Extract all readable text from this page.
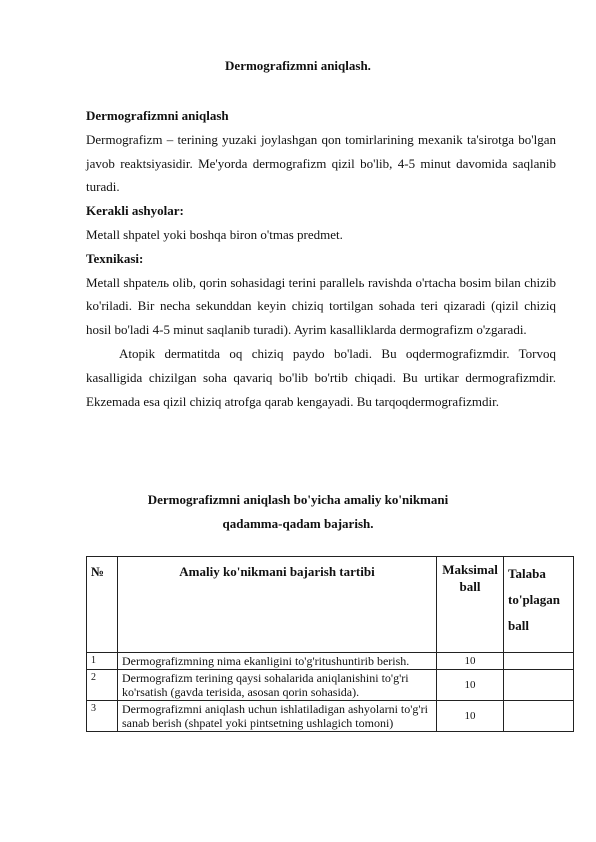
Dermografizmni aniqlash.

Dermografizmni aniqlash

Dermografizm – terining yuzaki joylashgan qon tomirlarining mexanik ta'sirotga bo'lgan javob reaktsiyasidir. Me'yorda dermografizm qizil bo'lib, 4-5 minut davomida saqlanib turadi.

Kerakli ashyolar:

Metall shpatel yoki boshqa biron o'tmas predmet.

Texnikasi:

Metall shpateль olib, qorin sohasidagi terini parallelь ravishda o'rtacha bosim bilan chizib ko'riladi. Bir necha sekunddan keyin chiziq tortilgan sohada teri qizaradi (qizil chiziq hosil bo'ladi 4-5 minut saqlanib turadi). Ayrim kasalliklarda dermografizm o'zgaradi.

Atopik dermatitda oq chiziq paydo bo'ladi. Bu oqdermografizmdir. Torvoq kasalligida chizilgan soha qavariq bo'lib bo'rtib chiqadi. Bu urtikar dermografizmdir. Ekzemada esa qizil chiziq atrofga qarab kengayadi. Bu tarqoqdermografizmdir.

Dermografizmni aniqlash bo'yicha amaliy ko'nikmani
qadamma-qadam bajarish.
№	Amaliy ko'nikmani bajarish tartibi	Maksimal ball	Talaba to'plagan ball
1	Dermografizmning nima ekanligini to'g'ritushuntirib berish.	10	
2	Dermografizm terining qaysi sohalarida aniqlanishini to'g'ri ko'rsatish (gavda terisida, asosan qorin sohasida).	10	
3	Dermografizmni aniqlash uchun ishlatiladigan ashyolarni to'g'ri sanab berish (shpatel yoki pintsetning ushlagich tomoni)	10	
